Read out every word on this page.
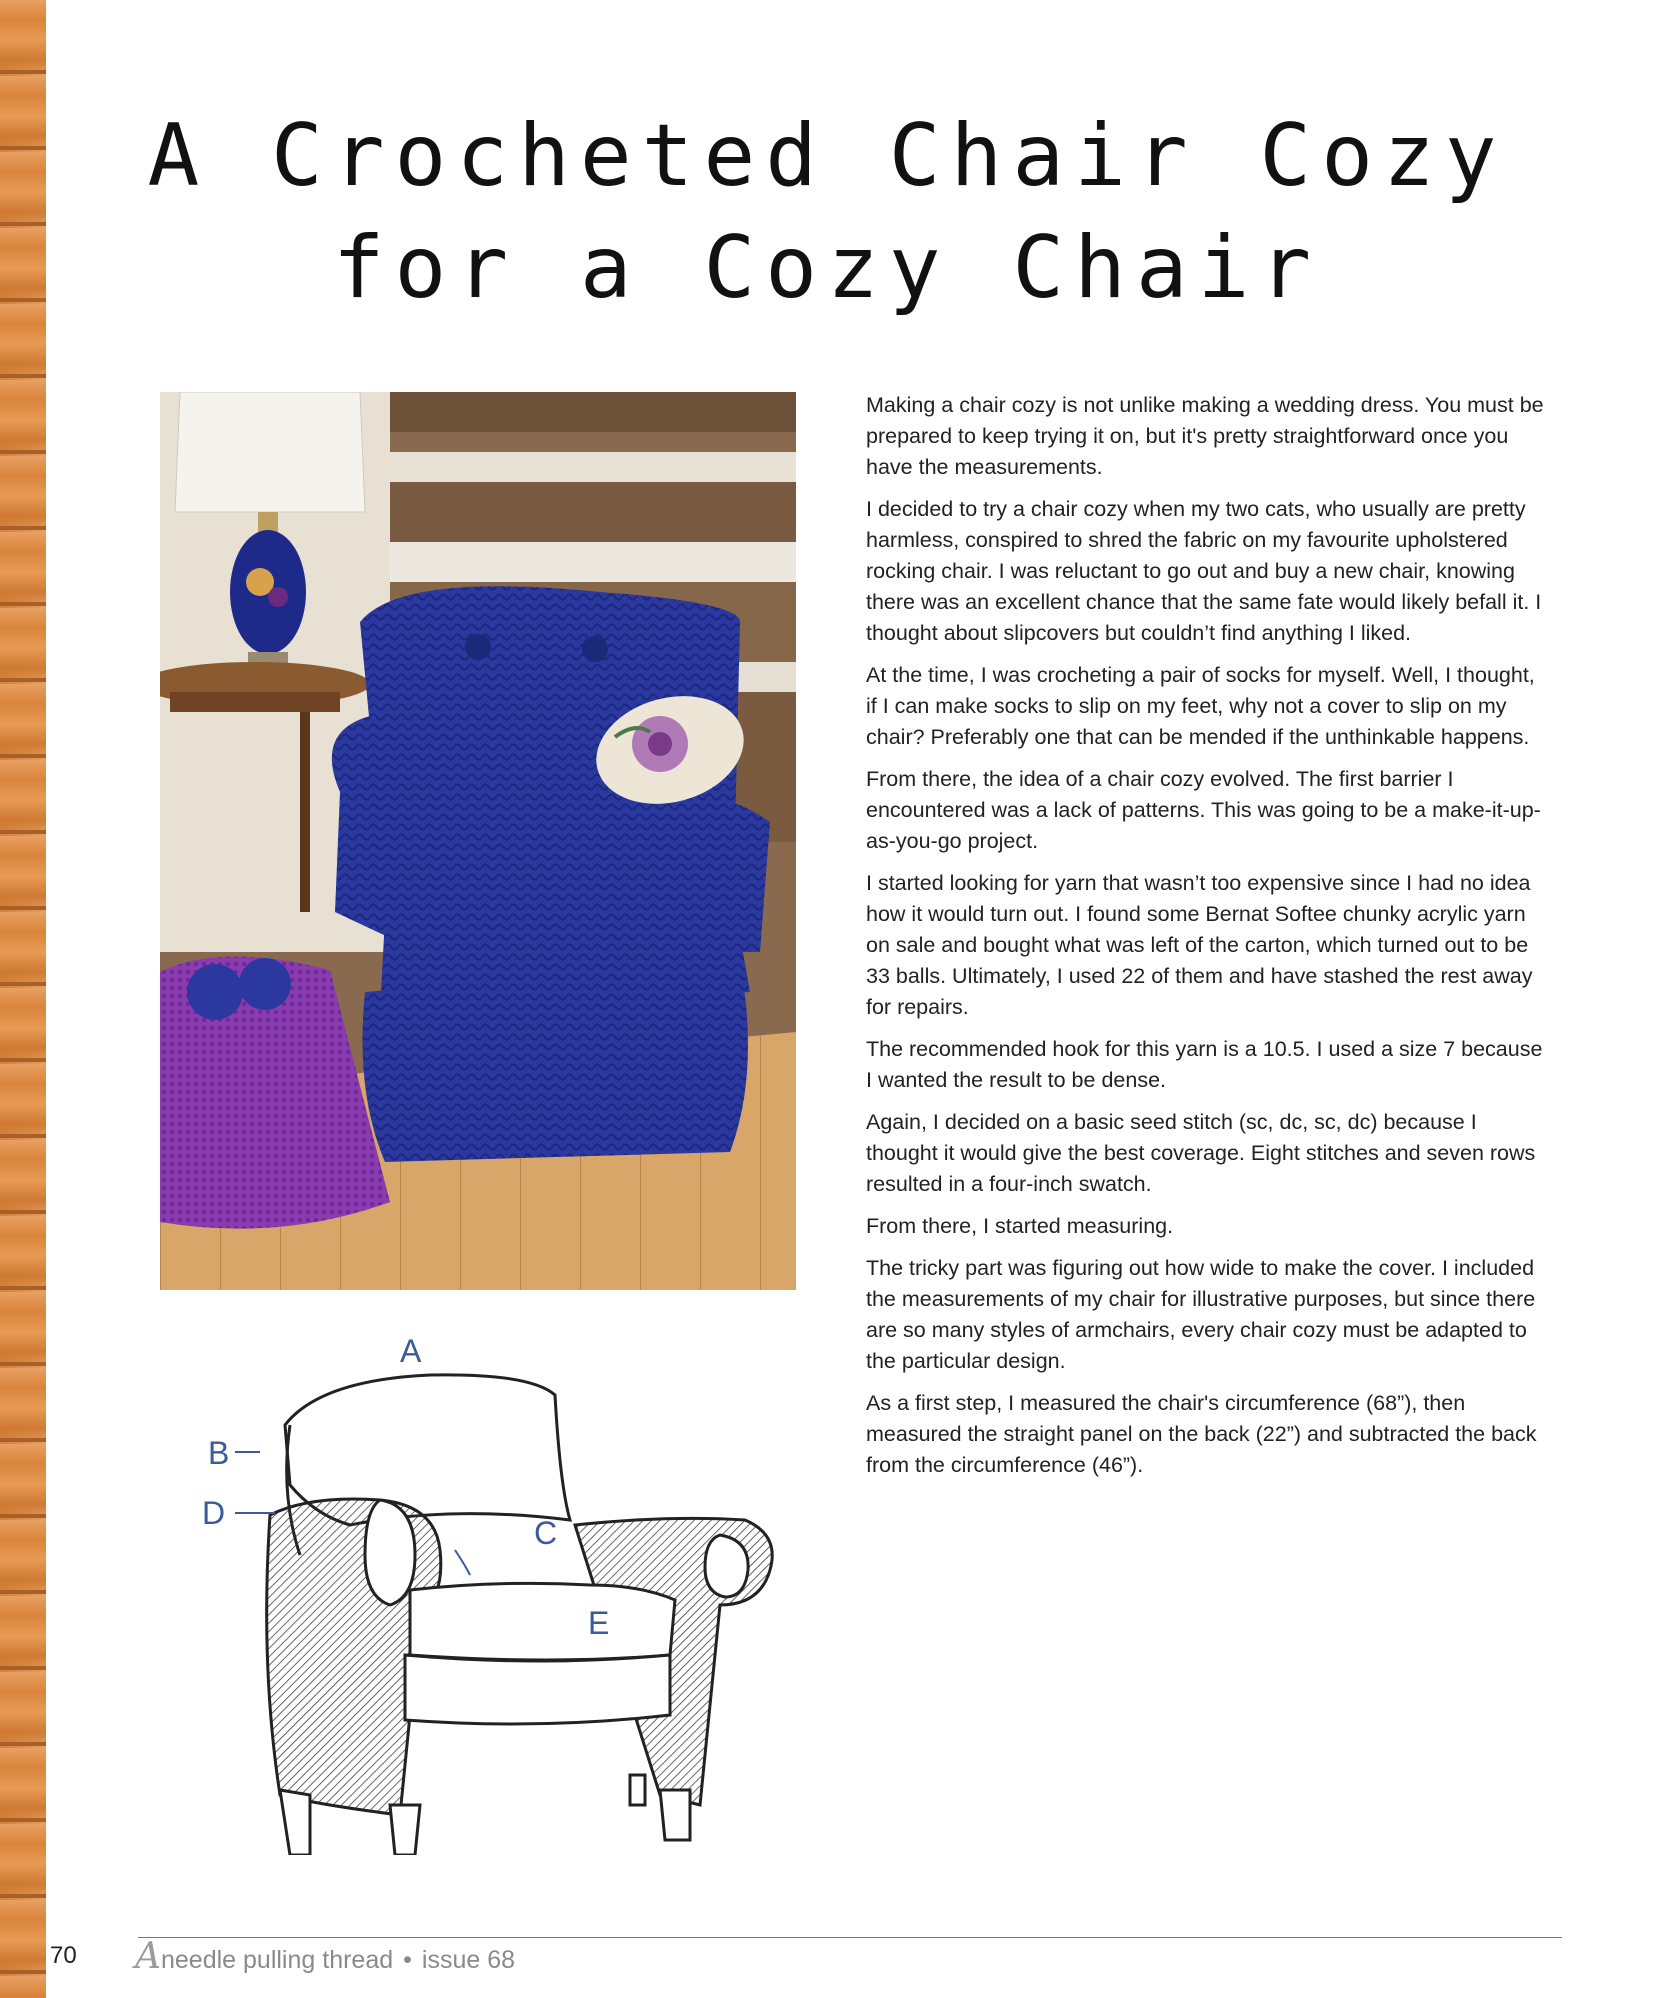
A Crocheted Chair Cozy
for a Cozy Chair
A
B
D
C
E

Making a chair cozy is not unlike making a wedding dress. You must be prepared to keep trying it on, but it's pretty straightforward once you have the measurements.

I decided to try a chair cozy when my two cats, who usually are pretty harmless, conspired to shred the fabric on my favourite upholstered rocking chair. I was reluctant to go out and buy a new chair, knowing there was an excellent chance that the same fate would likely befall it. I thought about slipcovers but couldn’t find anything I liked.

At the time, I was crocheting a pair of socks for myself. Well, I thought, if I can make socks to slip on my feet, why not a cover to slip on my chair? Preferably one that can be mended if the unthinkable happens.

From there, the idea of a chair cozy evolved. The first barrier I encountered was a lack of patterns. This was going to be a make-it-up-as-you-go project.

I started looking for yarn that wasn’t too expensive since I had no idea how it would turn out. I found some Bernat Softee chunky acrylic yarn on sale and bought what was left of the carton, which turned out to be 33 balls. Ultimately, I used 22 of them and have stashed the rest away for repairs.

The recommended hook for this yarn is a 10.5. I used a size 7 because I wanted the result to be dense.

Again, I decided on a basic seed stitch (sc, dc, sc, dc) because I thought it would give the best coverage. Eight stitches and seven rows resulted in a four-inch swatch.

From there, I started measuring.

The tricky part was figuring out how wide to make the cover. I included the measurements of my chair for illustrative purposes, but since there are so many styles of armchairs, every chair cozy must be adapted to the particular design.

As a first step, I measured the chair's circumference (68”), then measured the straight panel on the back (22”) and subtracted the back from the circumference (46”).

70 Aneedle pulling thread • issue 68
